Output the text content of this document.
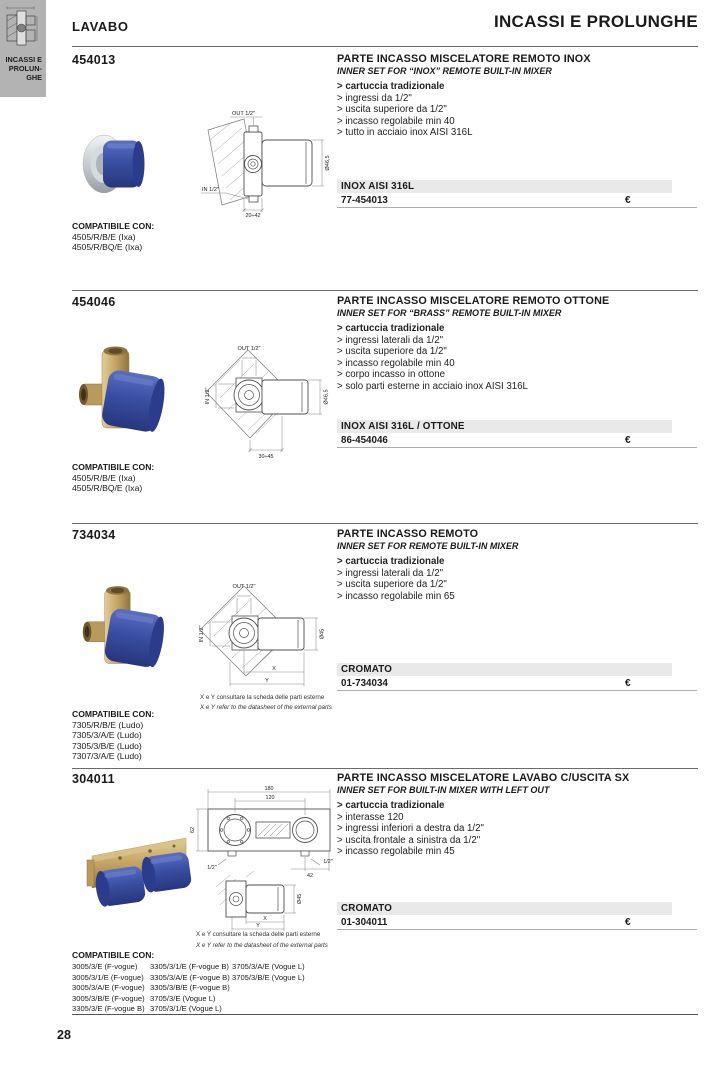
INCASSI E
PROLUN-
GHE
LAVABO	INCASSI E PROLUNGHE
454013	PARTE INCASSO MISCELATORE REMOTO INOX
INNER SET FOR “INOX” REMOTE BUILT-IN MIXER
> cartuccia tradizionale
> ingressi da 1/2"
> uscita superiore da 1/2"
> incasso regolabile min 40
> tutto in acciaio inox AISI 316L
OUT 1/2"
Ø46,5
IN 1/2"
20÷42
INOX AISI 316L
77-454013	€
COMPATIBILE CON:
4505/R/B/E (Ixa)
4505/R/BQ/E (Ixa)
454046	PARTE INCASSO MISCELATORE REMOTO OTTONE
INNER SET FOR “BRASS” REMOTE BUILT-IN MIXER
> cartuccia tradizionale
> ingressi laterali da 1/2"
> uscita superiore da 1/2"
> incasso regolabile min 40
> corpo incasso in ottone
> solo parti esterne in acciaio inox AISI 316L
OUT 1/2"
IN 1/2"	Ø46,5
30÷45
INOX AISI 316L / OTTONE
86-454046	€
COMPATIBILE CON:
4505/R/B/E (Ixa)
4505/R/BQ/E (Ixa)
734034	PARTE INCASSO REMOTO
INNER SET FOR REMOTE BUILT-IN MIXER
> cartuccia tradizionale
> ingressi laterali da 1/2"
> uscita superiore da 1/2"
> incasso regolabile min 65
OUT 1/2"
IN 1/2"	Ø45
X
Y
CROMATO
01-734034	€
X e Y consultare la scheda delle parti esterne
X e Y refer to the datasheet of the external parts
COMPATIBILE CON:
7305/R/B/E (Ludo)
7305/3/A/E (Ludo)
7305/3/B/E (Ludo)
7307/3/A/E (Ludo)
304011	PARTE INCASSO MISCELATORE LAVABO C/USCITA SX
INNER SET FOR BUILT-IN MIXER WITH LEFT OUT
> cartuccia tradizionale
> interasse 120
> ingressi inferiori a destra da 1/2"
> uscita frontale a sinistra da 1/2"
> incasso regolabile min 45
180
120
62
1/2"
1/2"
42
Ø45
X
Y
CROMATO
01-304011	€
X e Y consultare la scheda delle parti esterne
X e Y refer to the datasheet of the external parts
COMPATIBILE CON:
3005/3/E (F-vogue)
3005/3/1/E (F-vogue)
3005/3/A/E (F-vogue)
3005/3/B/E (F-vogue)
3305/3/E (F-vogue B)
3305/3/1/E (F-vogue B)
3305/3/A/E (F-vogue B)
3305/3/B/E (F-vogue B)
3705/3/E (Vogue L)
3705/3/1/E (Vogue L)
3705/3/A/E (Vogue L)
3705/3/B/E (Vogue L)
28
